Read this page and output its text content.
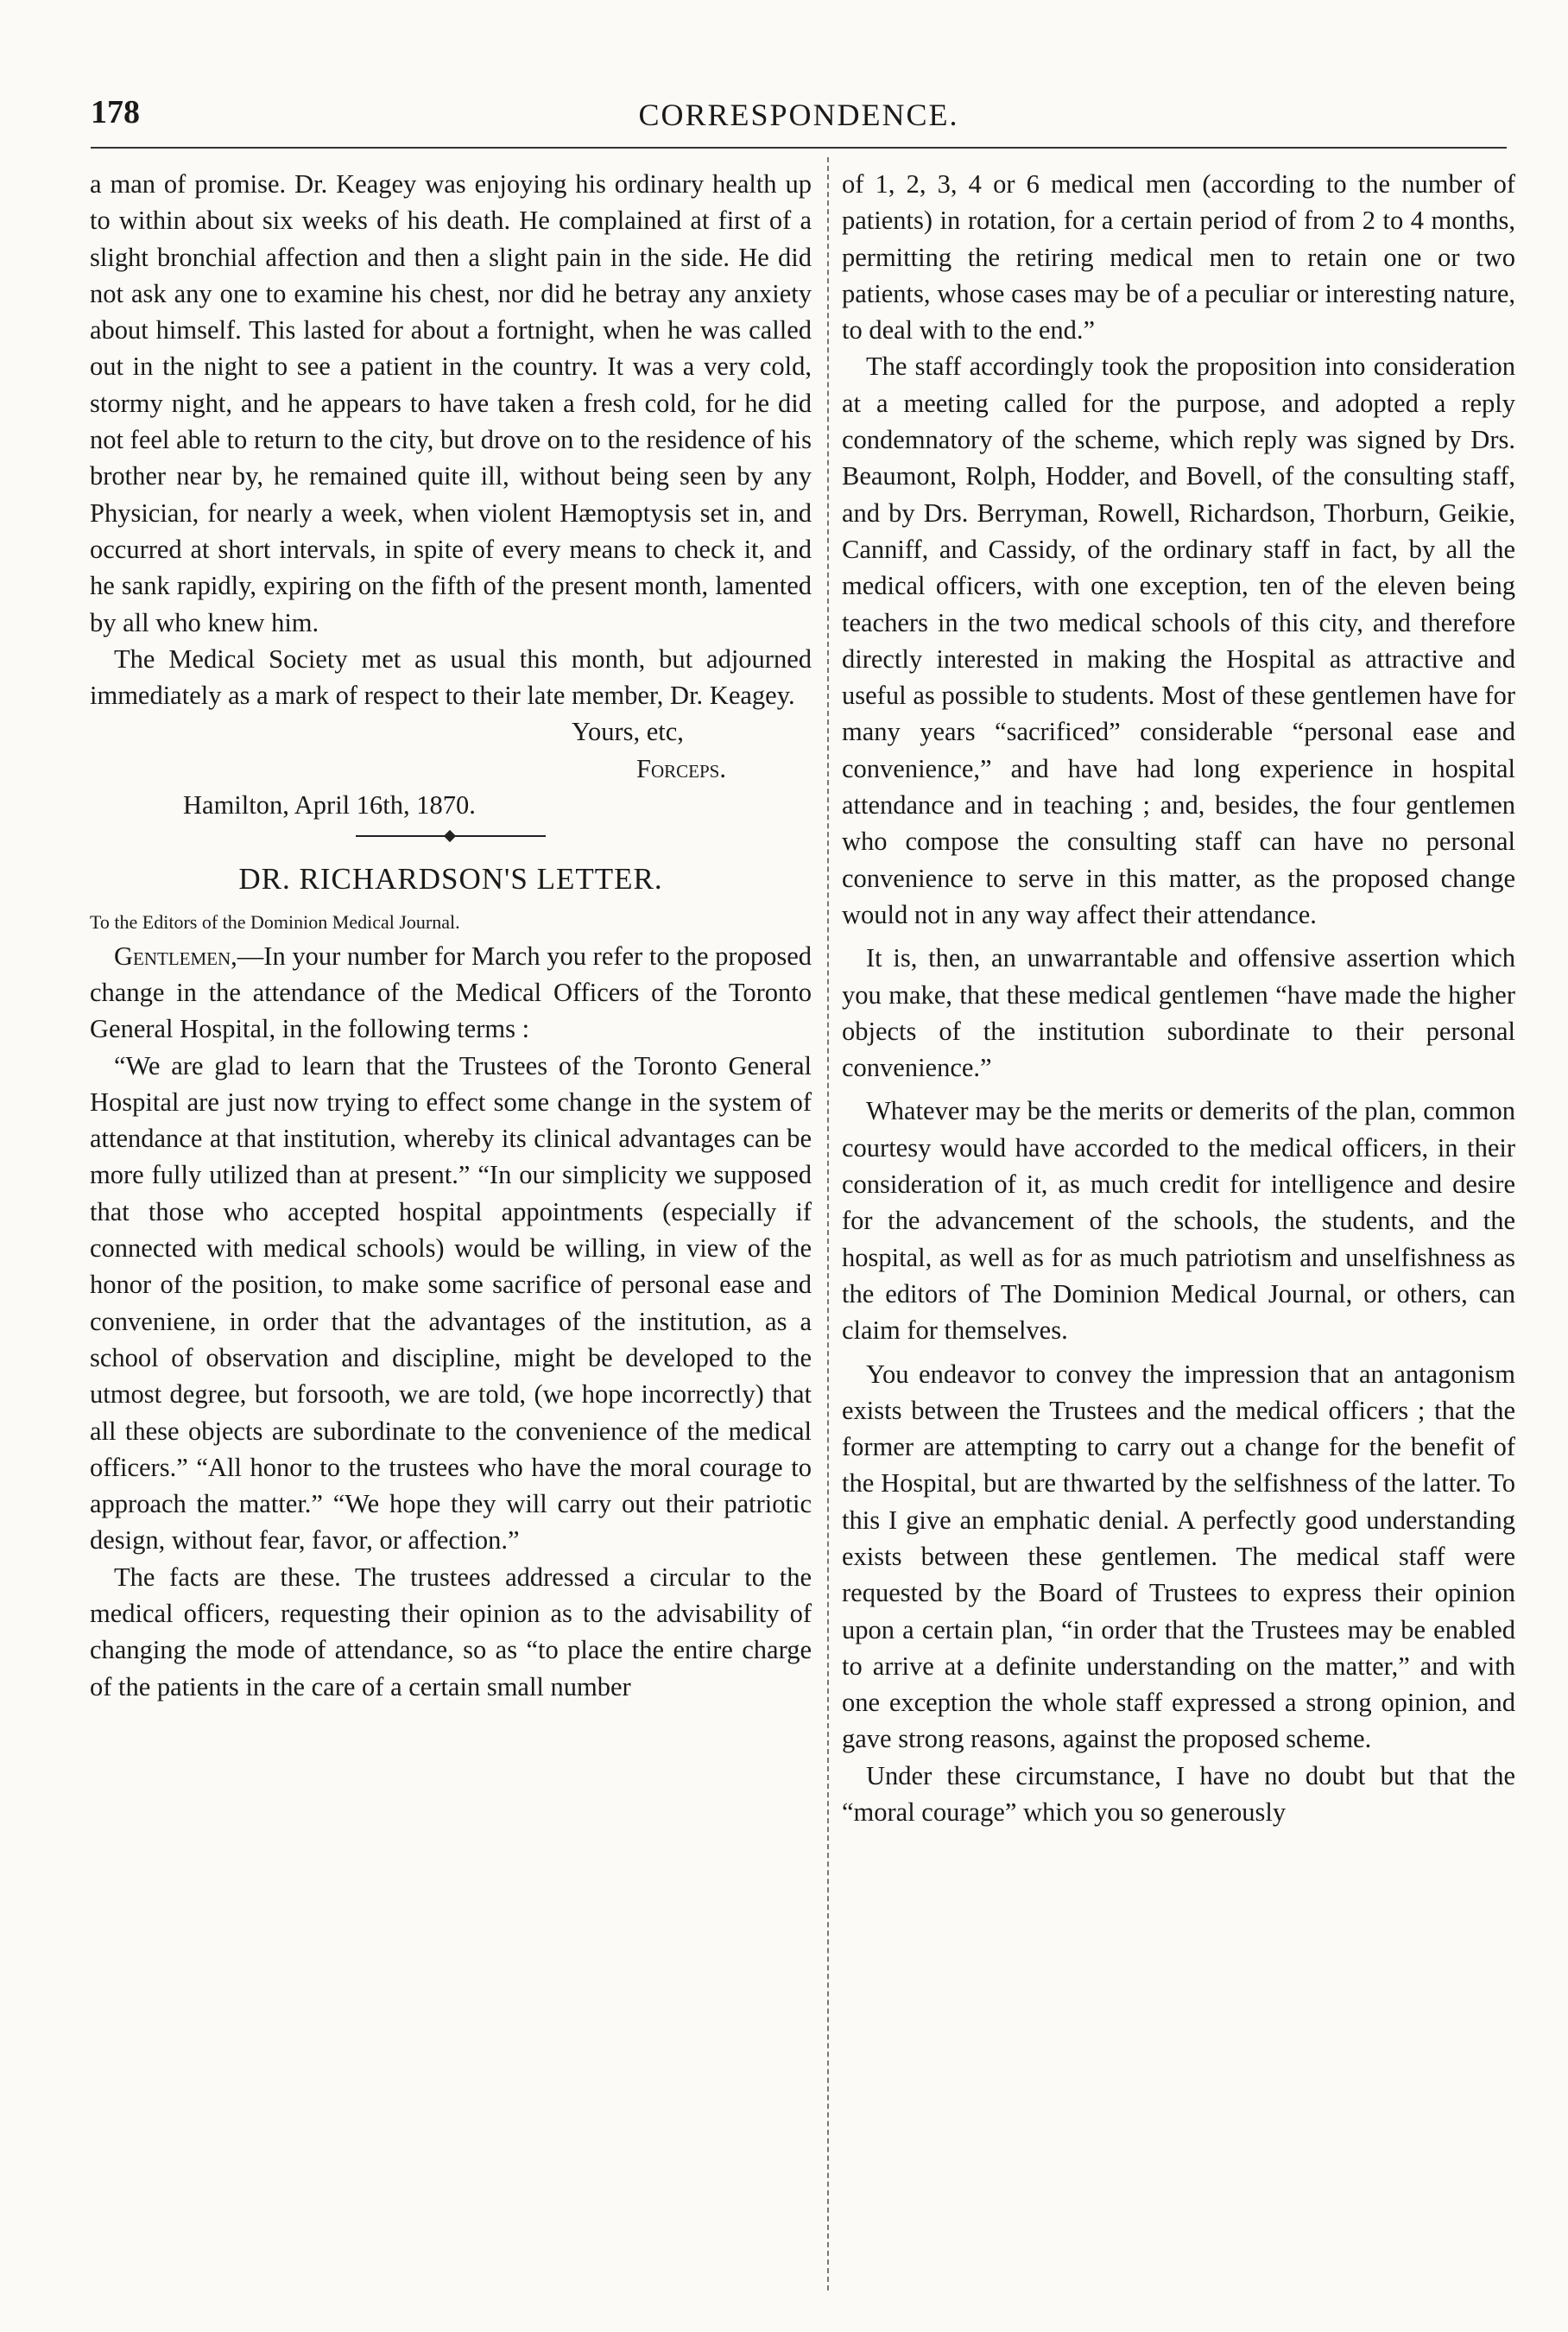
178	CORRESPONDENCE.

a man of promise. Dr. Keagey was enjoying his ordinary health up to within about six weeks of his death. He complained at first of a slight bronchial affection and then a slight pain in the side. He did not ask any one to examine his chest, nor did he betray any anxiety about himself. This lasted for about a fortnight, when he was called out in the night to see a patient in the country. It was a very cold, stormy night, and he appears to have taken a fresh cold, for he did not feel able to return to the city, but drove on to the residence of his brother near by, he remained quite ill, without being seen by any Physician, for nearly a week, when violent Hæmoptysis set in, and occurred at short intervals, in spite of every means to check it, and he sank rapidly, expiring on the fifth of the present month, lamented by all who knew him.

The Medical Society met as usual this month, but adjourned immediately as a mark of respect to their late member, Dr. Keagey.

Yours, etc,

Forceps.

Hamilton, April 16th, 1870.

DR. RICHARDSON'S LETTER.

To the Editors of the Dominion Medical Journal.

Gentlemen,—In your number for March you refer to the proposed change in the attendance of the Medical Officers of the Toronto General Hospital, in the following terms :

“We are glad to learn that the Trustees of the Toronto General Hospital are just now trying to effect some change in the system of attendance at that institution, whereby its clinical advantages can be more fully utilized than at present.” “In our simplicity we supposed that those who accepted hospital appointments (especially if connected with medical schools) would be willing, in view of the honor of the position, to make some sacrifice of personal ease and conveniene, in order that the advantages of the institution, as a school of observation and discipline, might be developed to the utmost degree, but forsooth, we are told, (we hope incorrectly) that all these objects are subordinate to the convenience of the medical officers.” “All honor to the trustees who have the moral courage to approach the matter.” “We hope they will carry out their patriotic design, without fear, favor, or affection.”

The facts are these. The trustees addressed a circular to the medical officers, requesting their opinion as to the advisability of changing the mode of attendance, so as “to place the entire charge of the patients in the care of a certain small number

of 1, 2, 3, 4 or 6 medical men (according to the number of patients) in rotation, for a certain period of from 2 to 4 months, permitting the retiring medical men to retain one or two patients, whose cases may be of a peculiar or interesting nature, to deal with to the end.”

The staff accordingly took the proposition into consideration at a meeting called for the purpose, and adopted a reply condemnatory of the scheme, which reply was signed by Drs. Beaumont, Rolph, Hodder, and Bovell, of the consulting staff, and by Drs. Berryman, Rowell, Richardson, Thorburn, Geikie, Canniff, and Cassidy, of the ordinary staff in fact, by all the medical officers, with one exception, ten of the eleven being teachers in the two medical schools of this city, and therefore directly interested in making the Hospital as attractive and useful as possible to students. Most of these gentlemen have for many years “sacrificed” considerable “personal ease and convenience,” and have had long experience in hospital attendance and in teaching ; and, besides, the four gentlemen who compose the consulting staff can have no personal convenience to serve in this matter, as the proposed change would not in any way affect their attendance.

It is, then, an unwarrantable and offensive assertion which you make, that these medical gentlemen “have made the higher objects of the institution subordinate to their personal convenience.”

Whatever may be the merits or demerits of the plan, common courtesy would have accorded to the medical officers, in their consideration of it, as much credit for intelligence and desire for the advancement of the schools, the students, and the hospital, as well as for as much patriotism and unselfishness as the editors of The Dominion Medical Journal, or others, can claim for themselves.

You endeavor to convey the impression that an antagonism exists between the Trustees and the medical officers ; that the former are attempting to carry out a change for the benefit of the Hospital, but are thwarted by the selfishness of the latter. To this I give an emphatic denial. A perfectly good understanding exists between these gentlemen. The medical staff were requested by the Board of Trustees to express their opinion upon a certain plan, “in order that the Trustees may be enabled to arrive at a definite understanding on the matter,” and with one exception the whole staff expressed a strong opinion, and gave strong reasons, against the proposed scheme.

Under these circumstance, I have no doubt but that the “moral courage” which you so generously
